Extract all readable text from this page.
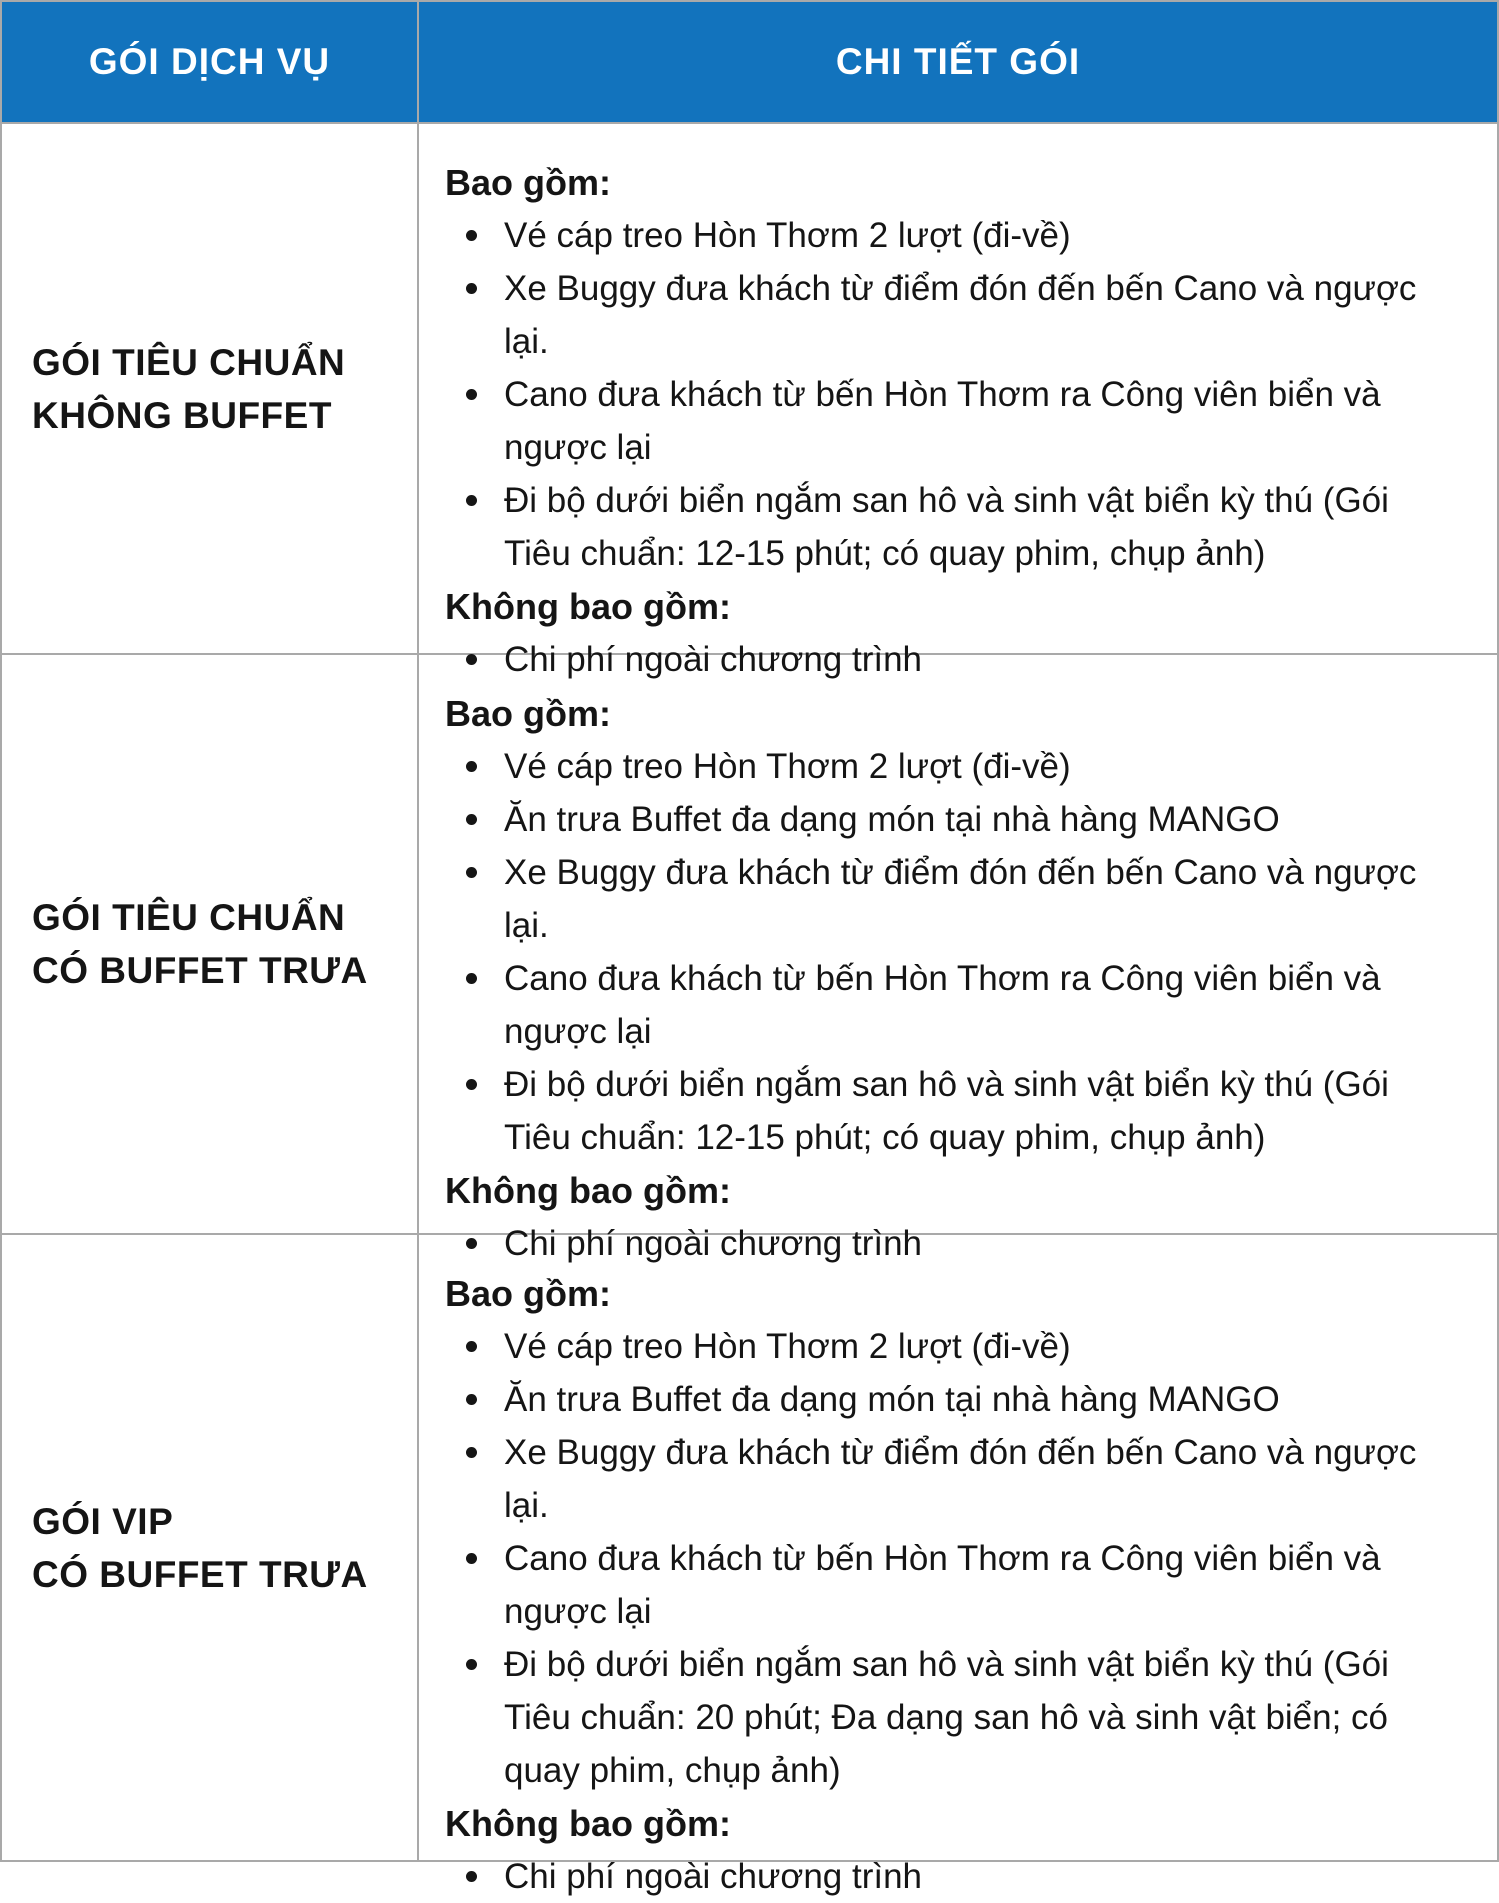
GÓI DỊCH VỤ	CHI TIẾT GÓI
GÓI TIÊU CHUẨN
KHÔNG BUFFET
Bao gồm:
Vé cáp treo Hòn Thơm 2 lượt (đi-về)
Xe Buggy đưa khách từ điểm đón đến bến Cano và ngược lại.
Cano đưa khách từ bến Hòn Thơm ra Công viên biển và ngược lại
Đi bộ dưới biển ngắm san hô và sinh vật biển kỳ thú (Gói Tiêu chuẩn: 12-15 phút; có quay phim, chụp ảnh)
Không bao gồm:
Chi phí ngoài chương trình
GÓI TIÊU CHUẨN
CÓ BUFFET TRƯA
Bao gồm:
Vé cáp treo Hòn Thơm 2 lượt (đi-về)
Ăn trưa Buffet đa dạng món tại nhà hàng MANGO
Xe Buggy đưa khách từ điểm đón đến bến Cano và ngược lại.
Cano đưa khách từ bến Hòn Thơm ra Công viên biển và ngược lại
Đi bộ dưới biển ngắm san hô và sinh vật biển kỳ thú (Gói Tiêu chuẩn: 12-15 phút; có quay phim, chụp ảnh)
Không bao gồm:
Chi phí ngoài chương trình
GÓI VIP
CÓ BUFFET TRƯA
Bao gồm:
Vé cáp treo Hòn Thơm 2 lượt (đi-về)
Ăn trưa Buffet đa dạng món tại nhà hàng MANGO
Xe Buggy đưa khách từ điểm đón đến bến Cano và ngược lại.
Cano đưa khách từ bến Hòn Thơm ra Công viên biển và ngược lại
Đi bộ dưới biển ngắm san hô và sinh vật biển kỳ thú (Gói Tiêu chuẩn: 20 phút; Đa dạng san hô và sinh vật biển; có quay phim, chụp ảnh)
Không bao gồm:
Chi phí ngoài chương trình
